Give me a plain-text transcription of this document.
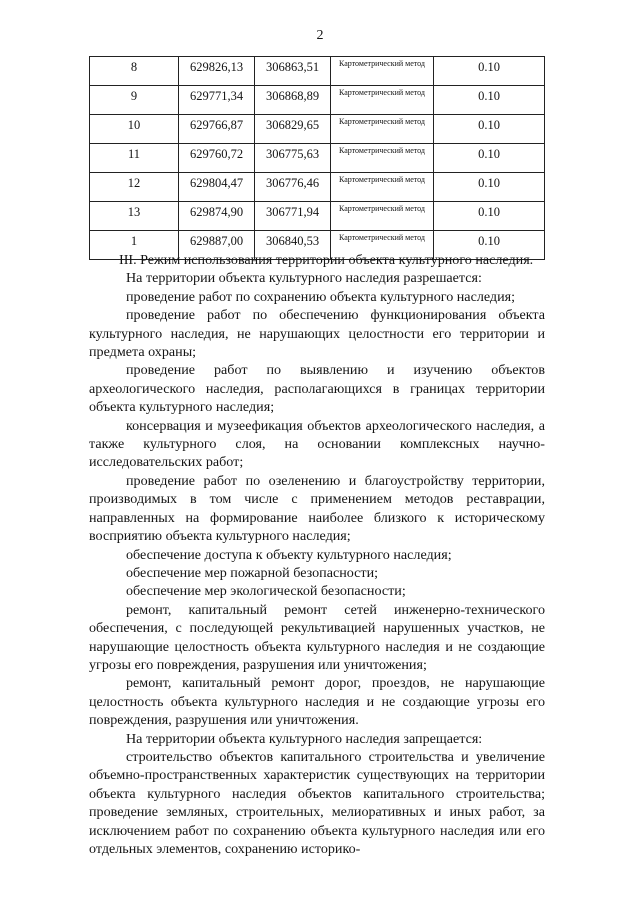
2
8	629826,13	306863,51	Картометрический метод	0.10
9	629771,34	306868,89	Картометрический метод	0.10
10	629766,87	306829,65	Картометрический метод	0.10
11	629760,72	306775,63	Картометрический метод	0.10
12	629804,47	306776,46	Картометрический метод	0.10
13	629874,90	306771,94	Картометрический метод	0.10
1	629887,00	306840,53	Картометрический метод	0.10

III. Режим использования территории объекта культурного наследия.

На территории объекта культурного наследия разрешается:

проведение работ по сохранению объекта культурного наследия;

проведение работ по обеспечению функционирования объекта культурного наследия, не нарушающих целостности его территории и предмета охраны;

проведение работ по выявлению и изучению объектов археологического наследия, располагающихся в границах территории объекта культурного наследия;

консервация и музеефикация объектов археологического наследия, а также культурного слоя, на основании комплексных научно-исследовательских работ;

проведение работ по озеленению и благоустройству территории, производимых в том числе с применением методов реставрации, направленных на формирование наиболее близкого к историческому восприятию объекта культурного наследия;

обеспечение доступа к объекту культурного наследия;

обеспечение мер пожарной безопасности;

обеспечение мер экологической безопасности;

ремонт, капитальный ремонт сетей инженерно-технического обеспечения, с последующей рекультивацией нарушенных участков, не нарушающие целостность объекта культурного наследия и не создающие угрозы его повреждения, разрушения или уничтожения;

ремонт, капитальный ремонт дорог, проездов, не нарушающие целостность объекта культурного наследия и не создающие угрозы его повреждения, разрушения или уничтожения.

На территории объекта культурного наследия запрещается:

строительство объектов капитального строительства и увеличение объемно-пространственных характеристик существующих на территории объекта культурного наследия объектов капитального строительства; проведение земляных, строительных, мелиоративных и иных работ, за исключением работ по сохранению объекта культурного наследия или его отдельных элементов, сохранению историко-
